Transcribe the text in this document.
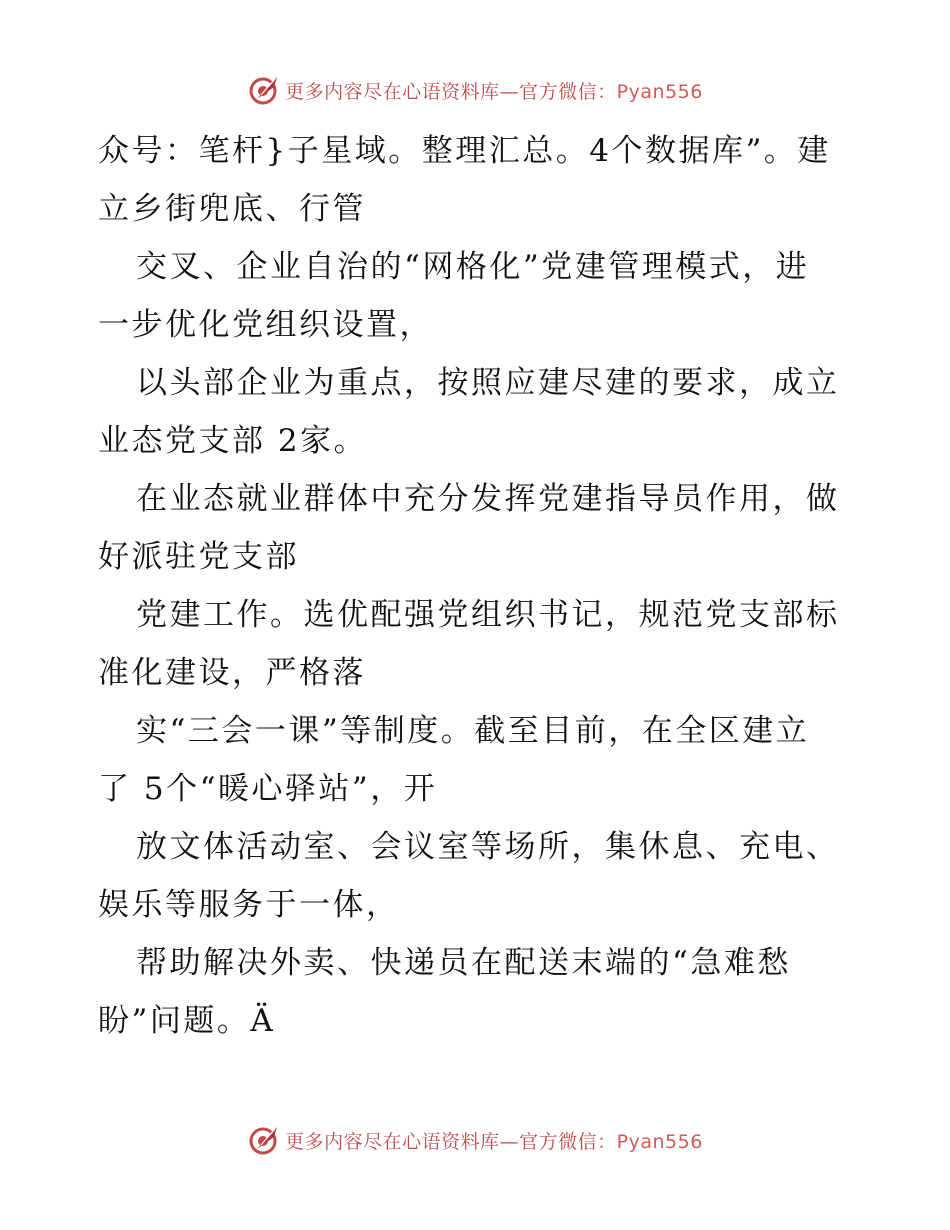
更多内容尽在心语资料库—官方微信：Pyan556
众号：笔杆}子星域。整理汇总。4个数据库”。建
立乡街兜底、行管
交叉、企业自治的“网格化”党建管理模式，进
一步优化党组织设置，
以头部企业为重点，按照应建尽建的要求，成立
业态党支部 2家。
在业态就业群体中充分发挥党建指导员作用，做
好派驻党支部
党建工作。选优配强党组织书记，规范党支部标
准化建设，严格落
实“三会一课”等制度。截至目前，在全区建立
了 5个“暖心驿站”，开
放文体活动室、会议室等场所，集休息、充电、
娱乐等服务于一体，
帮助解决外卖、快递员在配送末端的“急难愁
盼”问题。Ä
更多内容尽在心语资料库—官方微信：Pyan556
